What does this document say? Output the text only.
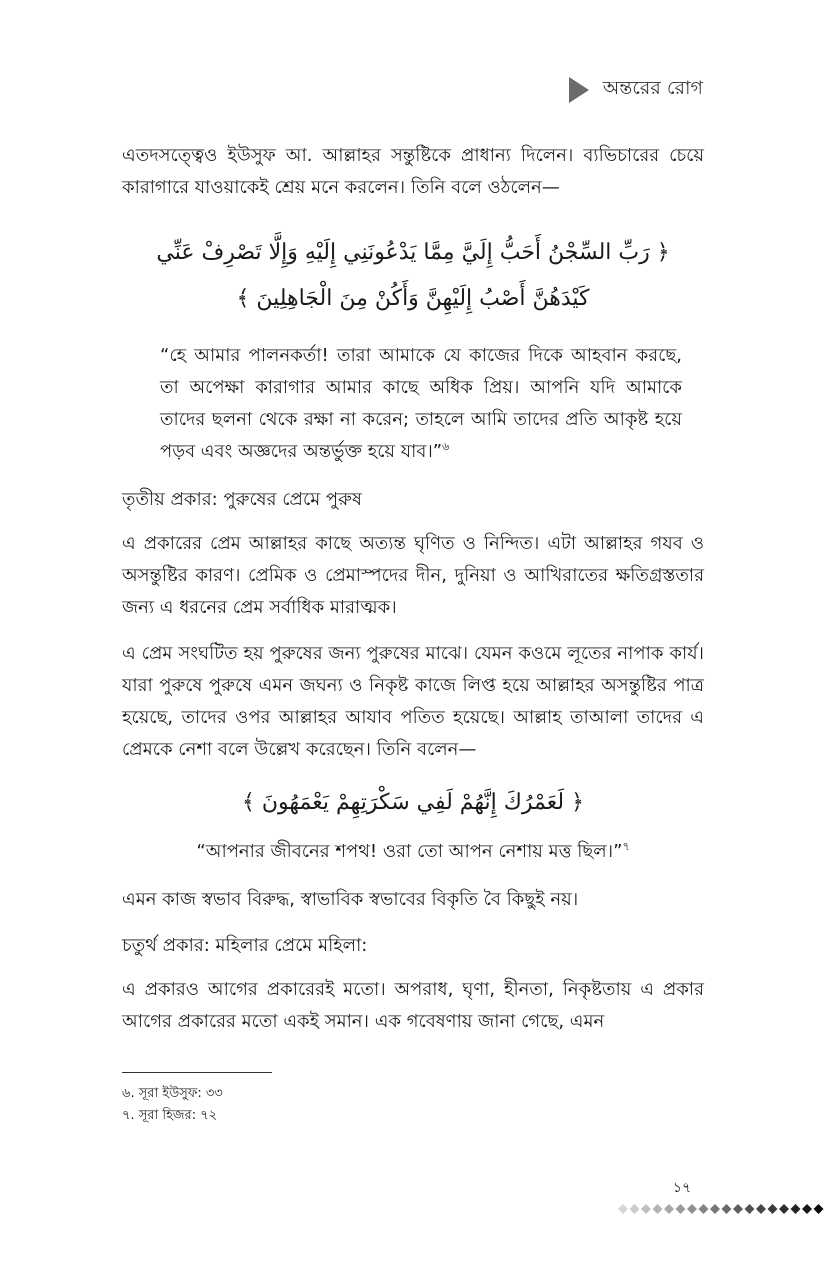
অন্তরের রোগ

এতদসত্ত্বেও ইউসুফ আ. আল্লাহর সন্তুষ্টিকে প্রাধান্য দিলেন। ব্যভিচারের চেয়ে কারাগারে যাওয়াকেই শ্রেয় মনে করলেন। তিনি বলে ওঠলেন—

﴿ رَبِّ السِّجْنُ أَحَبُّ إِلَيَّ مِمَّا يَدْعُونَنِي إِلَيْهِ وَإِلَّا تَصْرِفْ عَنِّي
كَيْدَهُنَّ أَصْبُ إِلَيْهِنَّ وَأَكُنْ مِنَ الْجَاهِلِينَ ﴾

“হে আমার পালনকর্তা! তারা আমাকে যে কাজের দিকে আহবান করছে, তা অপেক্ষা কারাগার আমার কাছে অধিক প্রিয়। আপনি যদি আমাকে তাদের ছলনা থেকে রক্ষা না করেন; তাহলে আমি তাদের প্রতি আকৃষ্ট হয়ে পড়ব এবং অজ্ঞদের অন্তর্ভুক্ত হয়ে যাব।”$^৬$

তৃতীয় প্রকার: পুরুষের প্রেমে পুরুষ

এ প্রকারের প্রেম আল্লাহর কাছে অত্যন্ত ঘৃণিত ও নিন্দিত। এটা আল্লাহর গযব ও অসন্তুষ্টির কারণ। প্রেমিক ও প্রেমাস্পদের দীন, দুনিয়া ও আখিরাতের ক্ষতিগ্রস্ততার জন্য এ ধরনের প্রেম সর্বাধিক মারাত্মক।

এ প্রেম সংঘটিত হয় পুরুষের জন্য পুরুষের মাঝে। যেমন কওমে লূতের নাপাক কার্য। যারা পুরুষে পুরুষে এমন জঘন্য ও নিকৃষ্ট কাজে লিপ্ত হয়ে আল্লাহর অসন্তুষ্টির পাত্র হয়েছে, তাদের ওপর আল্লাহর আযাব পতিত হয়েছে। আল্লাহ তাআলা তাদের এ প্রেমকে নেশা বলে উল্লেখ করেছেন। তিনি বলেন—

﴿ لَعَمْرُكَ إِنَّهُمْ لَفِي سَكْرَتِهِمْ يَعْمَهُونَ ﴾

“আপনার জীবনের শপথ! ওরা তো আপন নেশায় মত্ত ছিল।”$^৭$

এমন কাজ স্বভাব বিরুদ্ধ, স্বাভাবিক স্বভাবের বিকৃতি বৈ কিছুই নয়।

চতুর্থ প্রকার: মহিলার প্রেমে মহিলা:

এ প্রকারও আগের প্রকারেরই মতো। অপরাধ, ঘৃণা, হীনতা, নিকৃষ্টতায় এ প্রকার আগের প্রকারের মতো একই সমান। এক গবেষণায় জানা গেছে, এমন

৬. সূরা ইউসুফ: ৩৩
৭. সূরা হিজর: ৭২
১৭
